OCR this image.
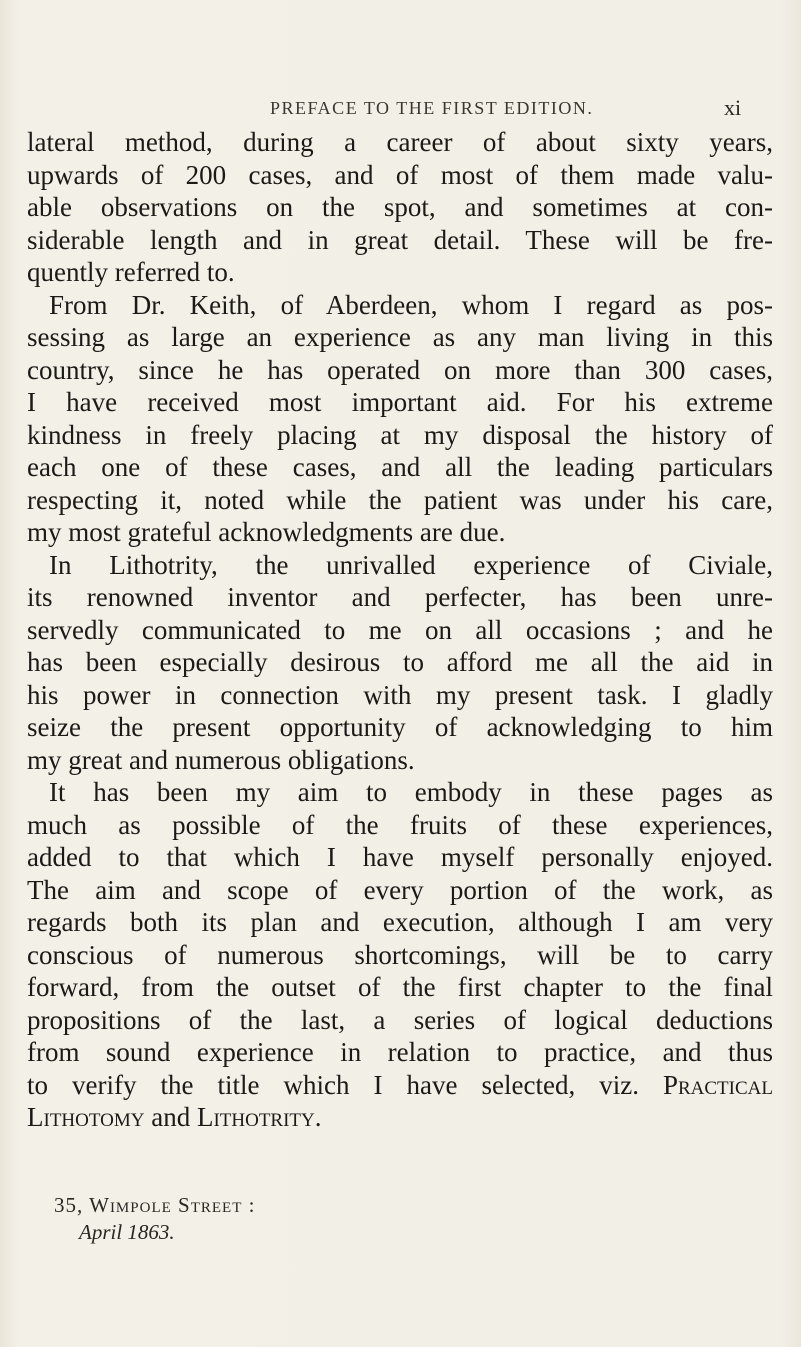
PREFACE TO THE FIRST EDITION.	xi
lateral method, during a career of about sixty years,
upwards of 200 cases, and of most of them made valu-
able observations on the spot, and sometimes at con-
siderable length and in great detail. These will be fre-
quently referred to.
From Dr. Keith, of Aberdeen, whom I regard as pos-
sessing as large an experience as any man living in this
country, since he has operated on more than 300 cases,
I have received most important aid. For his extreme
kindness in freely placing at my disposal the history of
each one of these cases, and all the leading particulars
respecting it, noted while the patient was under his care,
my most grateful acknowledgments are due.
In Lithotrity, the unrivalled experience of Civiale,
its renowned inventor and perfecter, has been unre-
servedly communicated to me on all occasions ; and he
has been especially desirous to afford me all the aid in
his power in connection with my present task. I gladly
seize the present opportunity of acknowledging to him
my great and numerous obligations.
It has been my aim to embody in these pages as
much as possible of the fruits of these experiences,
added to that which I have myself personally enjoyed.
The aim and scope of every portion of the work, as
regards both its plan and execution, although I am very
conscious of numerous shortcomings, will be to carry
forward, from the outset of the first chapter to the final
propositions of the last, a series of logical deductions
from sound experience in relation to practice, and thus
to verify the title which I have selected, viz. Practical
Lithotomy and Lithotrity.
35, Wimpole Street :
April 1863.
